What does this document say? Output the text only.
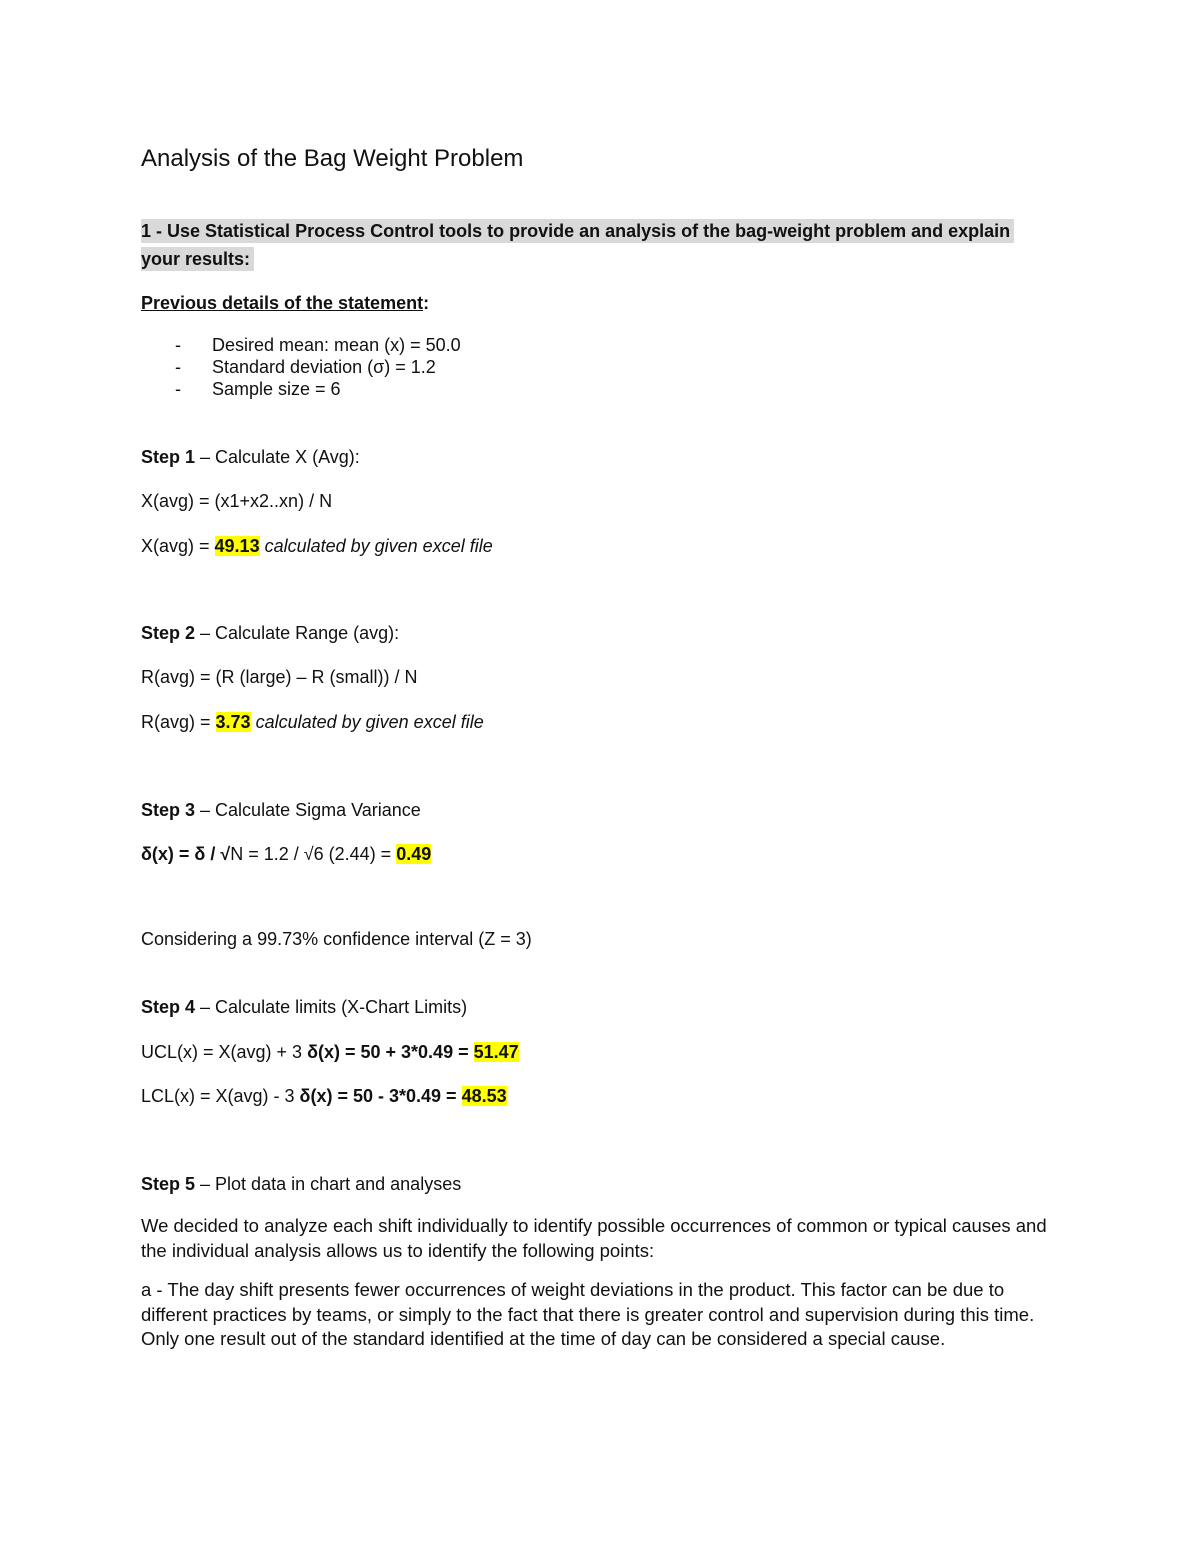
Analysis of the Bag Weight Problem
1 - Use Statistical Process Control tools to provide an analysis of the bag-weight problem and explain
your results:
Previous details of the statement:
- Desired mean: mean (x) = 50.0
- Standard deviation (σ) = 1.2
- Sample size = 6
Step 1 – Calculate X (Avg):
X(avg) = (x1+x2..xn) / N
X(avg) = 49.13 calculated by given excel file
Step 2 – Calculate Range (avg):
R(avg) = (R (large) – R (small)) / N
R(avg) = 3.73 calculated by given excel file
Step 3 – Calculate Sigma Variance
δ(x) = δ / √N = 1.2 / √6 (2.44) = 0.49
Considering a 99.73% confidence interval (Z = 3)
Step 4 – Calculate limits (X-Chart Limits)
UCL(x) = X(avg) + 3 δ(x) = 50 + 3*0.49 = 51.47
LCL(x) = X(avg) - 3 δ(x) = 50 - 3*0.49 = 48.53
Step 5 – Plot data in chart and analyses
We decided to analyze each shift individually to identify possible occurrences of common or typical causes and the individual analysis allows us to identify the following points:
a - The day shift presents fewer occurrences of weight deviations in the product. This factor can be due to different practices by teams, or simply to the fact that there is greater control and supervision during this time. Only one result out of the standard identified at the time of day can be considered a special cause.
